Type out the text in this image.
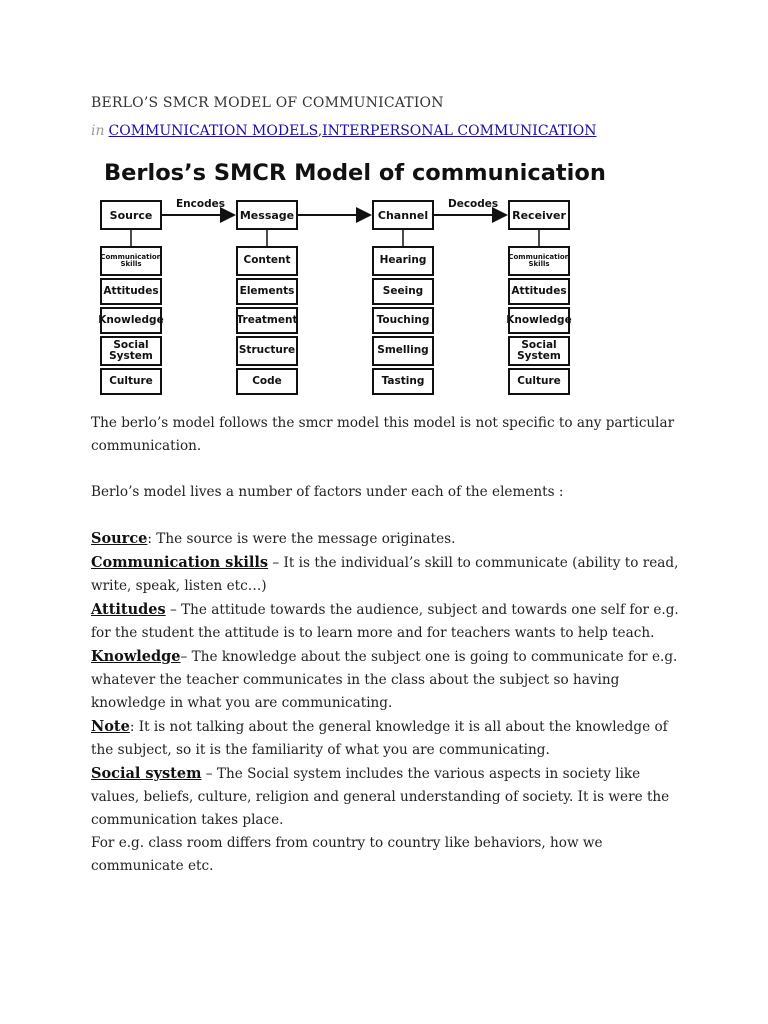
BERLO’S SMCR MODEL OF COMMUNICATION
in COMMUNICATION MODELS,INTERPERSONAL COMMUNICATION
Berlos’s SMCR Model of communication
Encodes	Decodes
Source
Communication Skills
Attitudes
Knowledge
Social System
Culture
Message
Content
Elements
Treatment
Structure
Code
Channel
Hearing
Seeing
Touching
Smelling
Tasting
Receiver
Communication Skills
Attitudes
Knowledge
Social System
Culture

The berlo’s model follows the smcr model this model is not specific to any particular communication.

Berlo’s model lives a number of factors under each of the elements :

Source: The source is were the message originates.

Communication skills – It is the individual’s skill to communicate (ability to read, write, speak, listen etc…)

Attitudes – The attitude towards the audience, subject and towards one self for e.g. for the student the attitude is to learn more and for teachers wants to help teach.

Knowledge– The knowledge about the subject one is going to communicate for e.g. whatever the teacher communicates in the class about the subject so having knowledge in what you are communicating.

Note: It is not talking about the general knowledge it is all about the knowledge of the subject, so it is the familiarity of what you are communicating.

Social system – The Social system includes the various aspects in society like values, beliefs, culture, religion and general understanding of society. It is were the communication takes place.

For e.g. class room differs from country to country like behaviors, how we communicate etc.
